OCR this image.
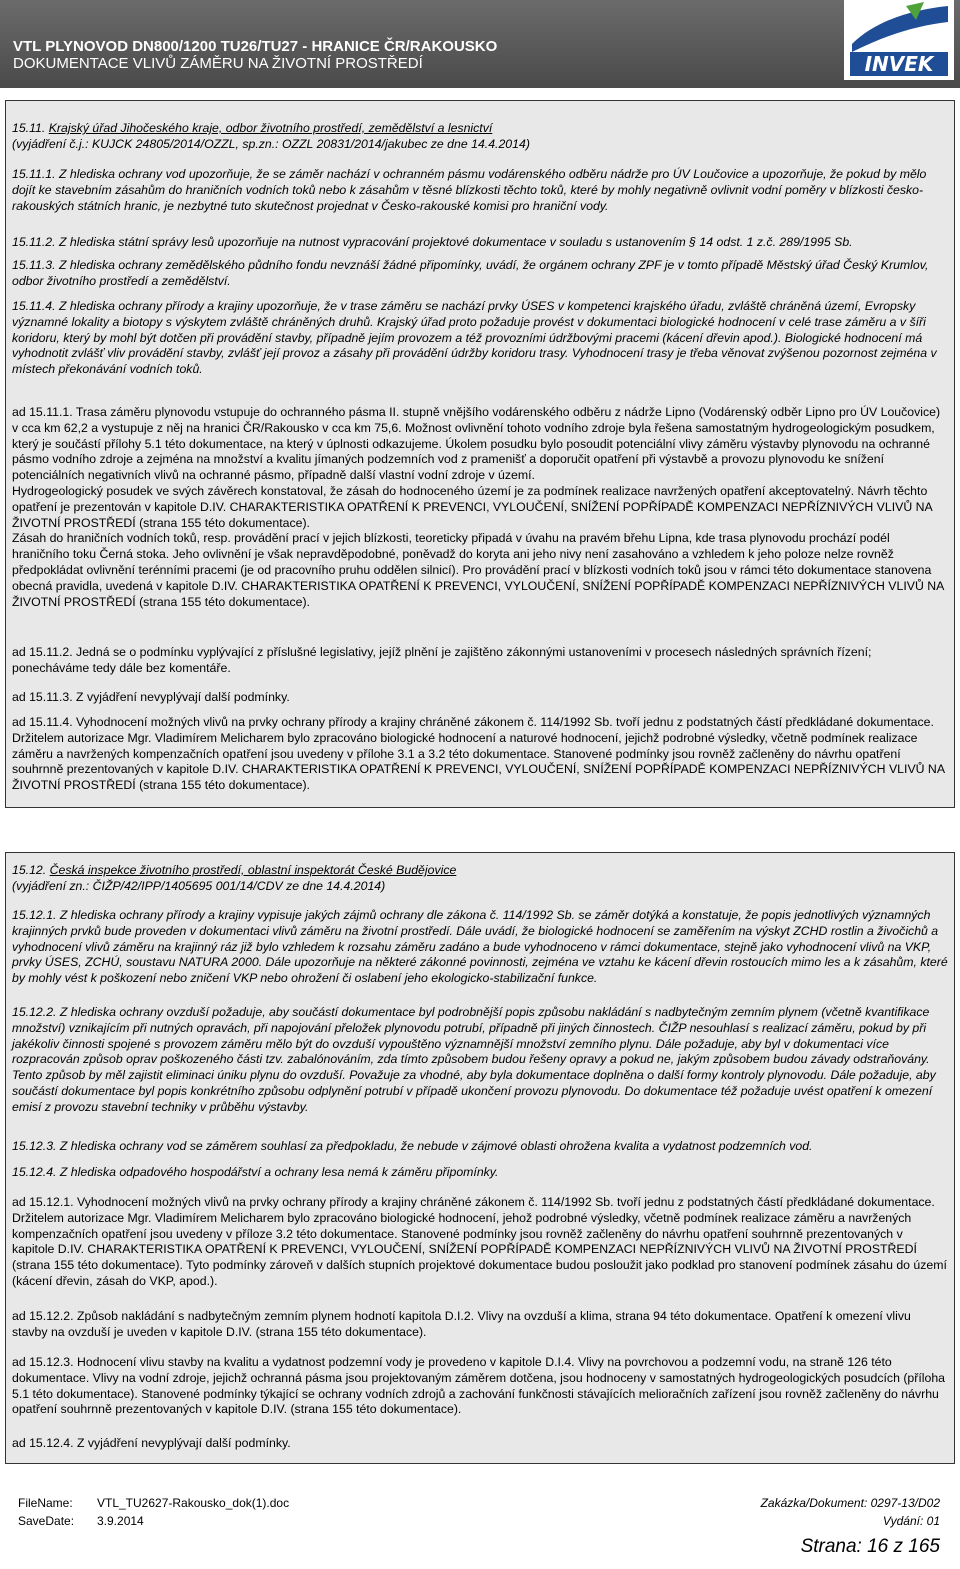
VTL PLYNOVOD DN800/1200 TU26/TU27 - HRANICE ČR/RAKOUSKO
DOKUMENTACE VLIVŮ ZÁMĚRU NA ŽIVOTNÍ PROSTŘEDÍ	INVEK

15.11. Krajský úřad Jihočeského kraje, odbor životního prostředí, zemědělství a lesnictví

(vyjádření č.j.: KUJCK 24805/2014/OZZL, sp.zn.: OZZL 20831/2014/jakubec ze dne 14.4.2014)

15.11.1. Z hlediska ochrany vod upozorňuje, že se záměr nachází v ochranném pásmu vodárenského odběru nádrže pro ÚV Loučovice a upozorňuje, že pokud by mělo dojít ke stavebním zásahům do hraničních vodních toků nebo k zásahům v těsné blízkosti těchto toků, které by mohly negativně ovlivnit vodní poměry v blízkosti česko-rakouských státních hranic, je nezbytné tuto skutečnost projednat v Česko-rakouské komisi pro hraniční vody.

15.11.2. Z hlediska státní správy lesů upozorňuje na nutnost vypracování projektové dokumentace v souladu s ustanovením § 14 odst. 1 z.č. 289/1995 Sb.

15.11.3. Z hlediska ochrany zemědělského půdního fondu nevznáší žádné připomínky, uvádí, že orgánem ochrany ZPF je v tomto případě Městský úřad Český Krumlov, odbor životního prostředí a zemědělství.

15.11.4. Z hlediska ochrany přírody a krajiny upozorňuje, že v trase záměru se nachází prvky ÚSES v kompetenci krajského úřadu, zvláště chráněná území, Evropsky významné lokality a biotopy s výskytem zvláště chráněných druhů. Krajský úřad proto požaduje provést v dokumentaci biologické hodnocení v celé trase záměru a v šíři koridoru, který by mohl být dotčen při provádění stavby, případně jejím provozem a též provozními údržbovými pracemi (kácení dřevin apod.). Biologické hodnocení má vyhodnotit zvlášť vliv provádění stavby, zvlášť její provoz a zásahy při provádění údržby koridoru trasy. Vyhodnocení trasy je třeba věnovat zvýšenou pozornost zejména v místech překonávání vodních toků.

ad 15.11.1. Trasa záměru plynovodu vstupuje do ochranného pásma II. stupně vnějšího vodárenského odběru z nádrže Lipno (Vodárenský odběr Lipno pro ÚV Loučovice) v cca km 62,2 a vystupuje z něj na hranici ČR/Rakousko v cca km 75,6. Možnost ovlivnění tohoto vodního zdroje byla řešena samostatným hydrogeologickým posudkem, který je součástí přílohy 5.1 této dokumentace, na který v úplnosti odkazujeme. Úkolem posudku bylo posoudit potenciální vlivy záměru výstavby plynovodu na ochranné pásmo vodního zdroje a zejména na množství a kvalitu jímaných podzemních vod z pramenišť a doporučit opatření při výstavbě a provozu plynovodu ke snížení potenciálních negativních vlivů na ochranné pásmo, případně další vlastní vodní zdroje v území.

Hydrogeologický posudek ve svých závěrech konstatoval, že zásah do hodnoceného území je za podmínek realizace navržených opatření akceptovatelný. Návrh těchto opatření je prezentován v kapitole D.IV. CHARAKTERISTIKA OPATŘENÍ K PREVENCI, VYLOUČENÍ, SNÍŽENÍ POPŘÍPADĚ KOMPENZACI NEPŘÍZNIVÝCH VLIVŮ NA ŽIVOTNÍ PROSTŘEDÍ (strana 155 této dokumentace).

Zásah do hraničních vodních toků, resp. provádění prací v jejich blízkosti, teoreticky připadá v úvahu na pravém břehu Lipna, kde trasa plynovodu prochází podél hraničního toku Černá stoka. Jeho ovlivnění je však nepravděpodobné, poněvadž do koryta ani jeho nivy není zasahováno a vzhledem k jeho poloze nelze rovněž předpokládat ovlivnění terénními pracemi (je od pracovního pruhu oddělen silnicí). Pro provádění prací v blízkosti vodních toků jsou v rámci této dokumentace stanovena obecná pravidla, uvedená v kapitole D.IV. CHARAKTERISTIKA OPATŘENÍ K PREVENCI, VYLOUČENÍ, SNÍŽENÍ POPŘÍPADĚ KOMPENZACI NEPŘÍZNIVÝCH VLIVŮ NA ŽIVOTNÍ PROSTŘEDÍ (strana 155 této dokumentace).

ad 15.11.2. Jedná se o podmínku vyplývající z příslušné legislativy, jejíž plnění je zajištěno zákonnými ustanoveními v procesech následných správních řízení; ponecháváme tedy dále bez komentáře.

ad 15.11.3. Z vyjádření nevyplývají další podmínky.

ad 15.11.4. Vyhodnocení možných vlivů na prvky ochrany přírody a krajiny chráněné zákonem č. 114/1992 Sb. tvoří jednu z podstatných částí předkládané dokumentace. Držitelem autorizace Mgr. Vladimírem Melicharem bylo zpracováno biologické hodnocení a naturové hodnocení, jejichž podrobné výsledky, včetně podmínek realizace záměru a navržených kompenzačních opatření jsou uvedeny v přílohe 3.1 a 3.2 této dokumentace. Stanovené podmínky jsou rovněž začleněny do návrhu opatření souhrnně prezentovaných v kapitole D.IV. CHARAKTERISTIKA OPATŘENÍ K PREVENCI, VYLOUČENÍ, SNÍŽENÍ POPŘÍPADĚ KOMPENZACI NEPŘÍZNIVÝCH VLIVŮ NA ŽIVOTNÍ PROSTŘEDÍ (strana 155 této dokumentace).

15.12. Česká inspekce životního prostředí, oblastní inspektorát České Budějovice

(vyjádření zn.: ČIŽP/42/IPP/1405695 001/14/CDV ze dne 14.4.2014)

15.12.1. Z hlediska ochrany přírody a krajiny vypisuje jakých zájmů ochrany dle zákona č. 114/1992 Sb. se záměr dotýká a konstatuje, že popis jednotlivých významných krajinných prvků bude proveden v dokumentaci vlivů záměru na životní prostředí. Dále uvádí, že biologické hodnocení se zaměřením na výskyt ZCHD rostlin a živočichů a vyhodnocení vlivů záměru na krajinný ráz již bylo vzhledem k rozsahu záměru zadáno a bude vyhodnoceno v rámci dokumentace, stejně jako vyhodnocení vlivů na VKP, prvky ÚSES, ZCHÚ, soustavu NATURA 2000. Dále upozorňuje na některé zákonné povinnosti, zejména ve vztahu ke kácení dřevin rostoucích mimo les a k zásahům, které by mohly vést k poškození nebo zničení VKP nebo ohrožení či oslabení jeho ekologicko-stabilizační funkce.

15.12.2. Z hlediska ochrany ovzduší požaduje, aby součástí dokumentace byl podrobnější popis způsobu nakládání s nadbytečným zemním plynem (včetně kvantifikace množství) vznikajícím při nutných opravách, při napojování přeložek plynovodu potrubí, případně při jiných činnostech. ČIŽP nesouhlasí s realizací záměru, pokud by při jakékoliv činnosti spojené s provozem záměru mělo být do ovzduší vypouštěno významnější množství zemního plynu. Dále požaduje, aby byl v dokumentaci více rozpracován způsob oprav poškozeného části tzv. zabalónováním, zda tímto způsobem budou řešeny opravy a pokud ne, jakým způsobem budou závady odstraňovány. Tento způsob by měl zajistit eliminaci úniku plynu do ovzduší. Považuje za vhodné, aby byla dokumentace doplněna o další formy kontroly plynovodu. Dále požaduje, aby součástí dokumentace byl popis konkrétního způsobu odplynění potrubí v případě ukončení provozu plynovodu. Do dokumentace též požaduje uvést opatření k omezení emisí z provozu stavební techniky v průběhu výstavby.

15.12.3. Z hlediska ochrany vod se záměrem souhlasí za předpokladu, že nebude v zájmové oblasti ohrožena kvalita a vydatnost podzemních vod.

15.12.4. Z hlediska odpadového hospodářství a ochrany lesa nemá k záměru připomínky.

ad 15.12.1. Vyhodnocení možných vlivů na prvky ochrany přírody a krajiny chráněné zákonem č. 114/1992 Sb. tvoří jednu z podstatných částí předkládané dokumentace. Držitelem autorizace Mgr. Vladimírem Melicharem bylo zpracováno biologické hodnocení, jehož podrobné výsledky, včetně podmínek realizace záměru a navržených kompenzačních opatření jsou uvedeny v příloze 3.2 této dokumentace. Stanovené podmínky jsou rovněž začleněny do návrhu opatření souhrnně prezentovaných v kapitole D.IV. CHARAKTERISTIKA OPATŘENÍ K PREVENCI, VYLOUČENÍ, SNÍŽENÍ POPŘÍPADĚ KOMPENZACI NEPŘÍZNIVÝCH VLIVŮ NA ŽIVOTNÍ PROSTŘEDÍ (strana 155 této dokumentace). Tyto podmínky zároveň v dalších stupních projektové dokumentace budou posloužit jako podklad pro stanovení podmínek zásahu do území (kácení dřevin, zásah do VKP, apod.).

ad 15.12.2. Způsob nakládání s nadbytečným zemním plynem hodnotí kapitola D.I.2. Vlivy na ovzduší a klima, strana 94 této dokumentace. Opatření k omezení vlivu stavby na ovzduší je uveden v kapitole D.IV. (strana 155 této dokumentace).

ad 15.12.3. Hodnocení vlivu stavby na kvalitu a vydatnost podzemní vody je provedeno v kapitole D.I.4. Vlivy na povrchovou a podzemní vodu, na straně 126 této dokumentace. Vlivy na vodní zdroje, jejichž ochranná pásma jsou projektovaným záměrem dotčena, jsou hodnoceny v samostatných hydrogeologických posudcích (příloha 5.1 této dokumentace). Stanovené podmínky týkající se ochrany vodních zdrojů a zachování funkčnosti stávajících melioračních zařízení jsou rovněž začleněny do návrhu opatření souhrnně prezentovaných v kapitole D.IV. (strana 155 této dokumentace).

ad 15.12.4. Z vyjádření nevyplývají další podmínky.

FileName: VTL_TU2627-Rakousko_dok(1).doc
SaveDate: 3.9.2014
Zakázka/Dokument: 0297-13/D02
Vydání: 01
Strana: 16 z 165
